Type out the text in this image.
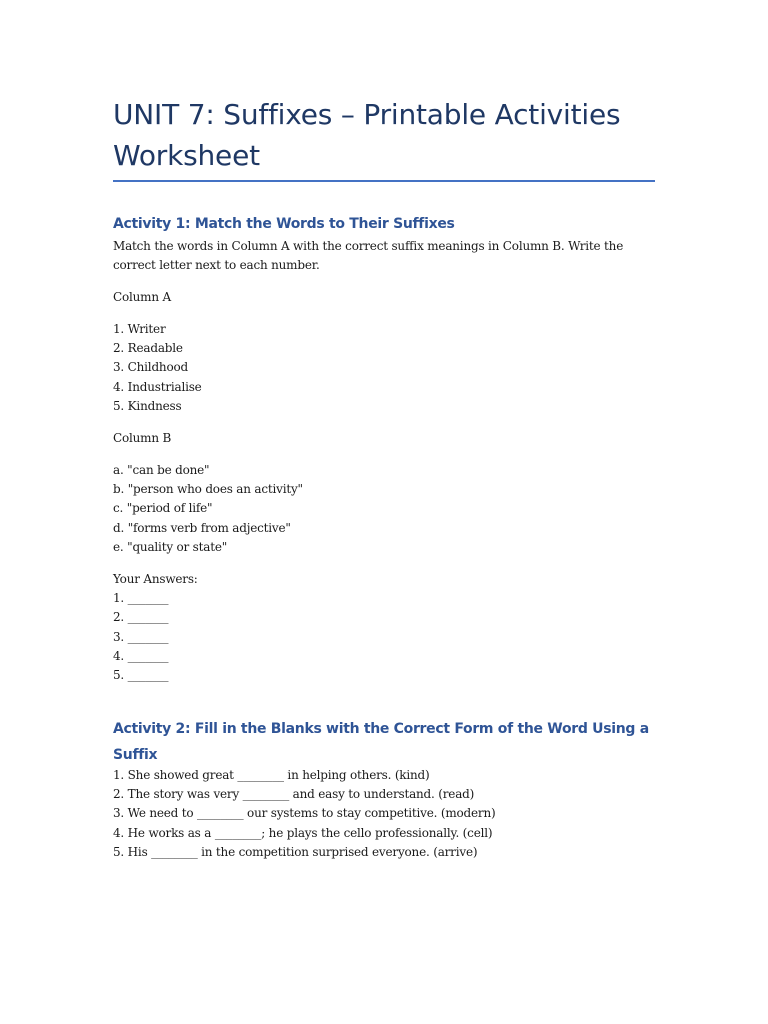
UNIT 7: Suffixes – Printable Activities Worksheet
Activity 1: Match the Words to Their Suffixes
Match the words in Column A with the correct suffix meanings in Column B. Write the correct letter next to each number.
Column A
1. Writer
2. Readable
3. Childhood
4. Industrialise
5. Kindness
Column B
a. "can be done"
b. "person who does an activity"
c. "period of life"
d. "forms verb from adjective"
e. "quality or state"
Your Answers:
1. _______
2. _______
3. _______
4. _______
5. _______
Activity 2: Fill in the Blanks with the Correct Form of the Word Using a Suffix
1. She showed great ________ in helping others. (kind)
2. The story was very ________ and easy to understand. (read)
3. We need to ________ our systems to stay competitive. (modern)
4. He works as a ________; he plays the cello professionally. (cell)
5. His ________ in the competition surprised everyone. (arrive)
